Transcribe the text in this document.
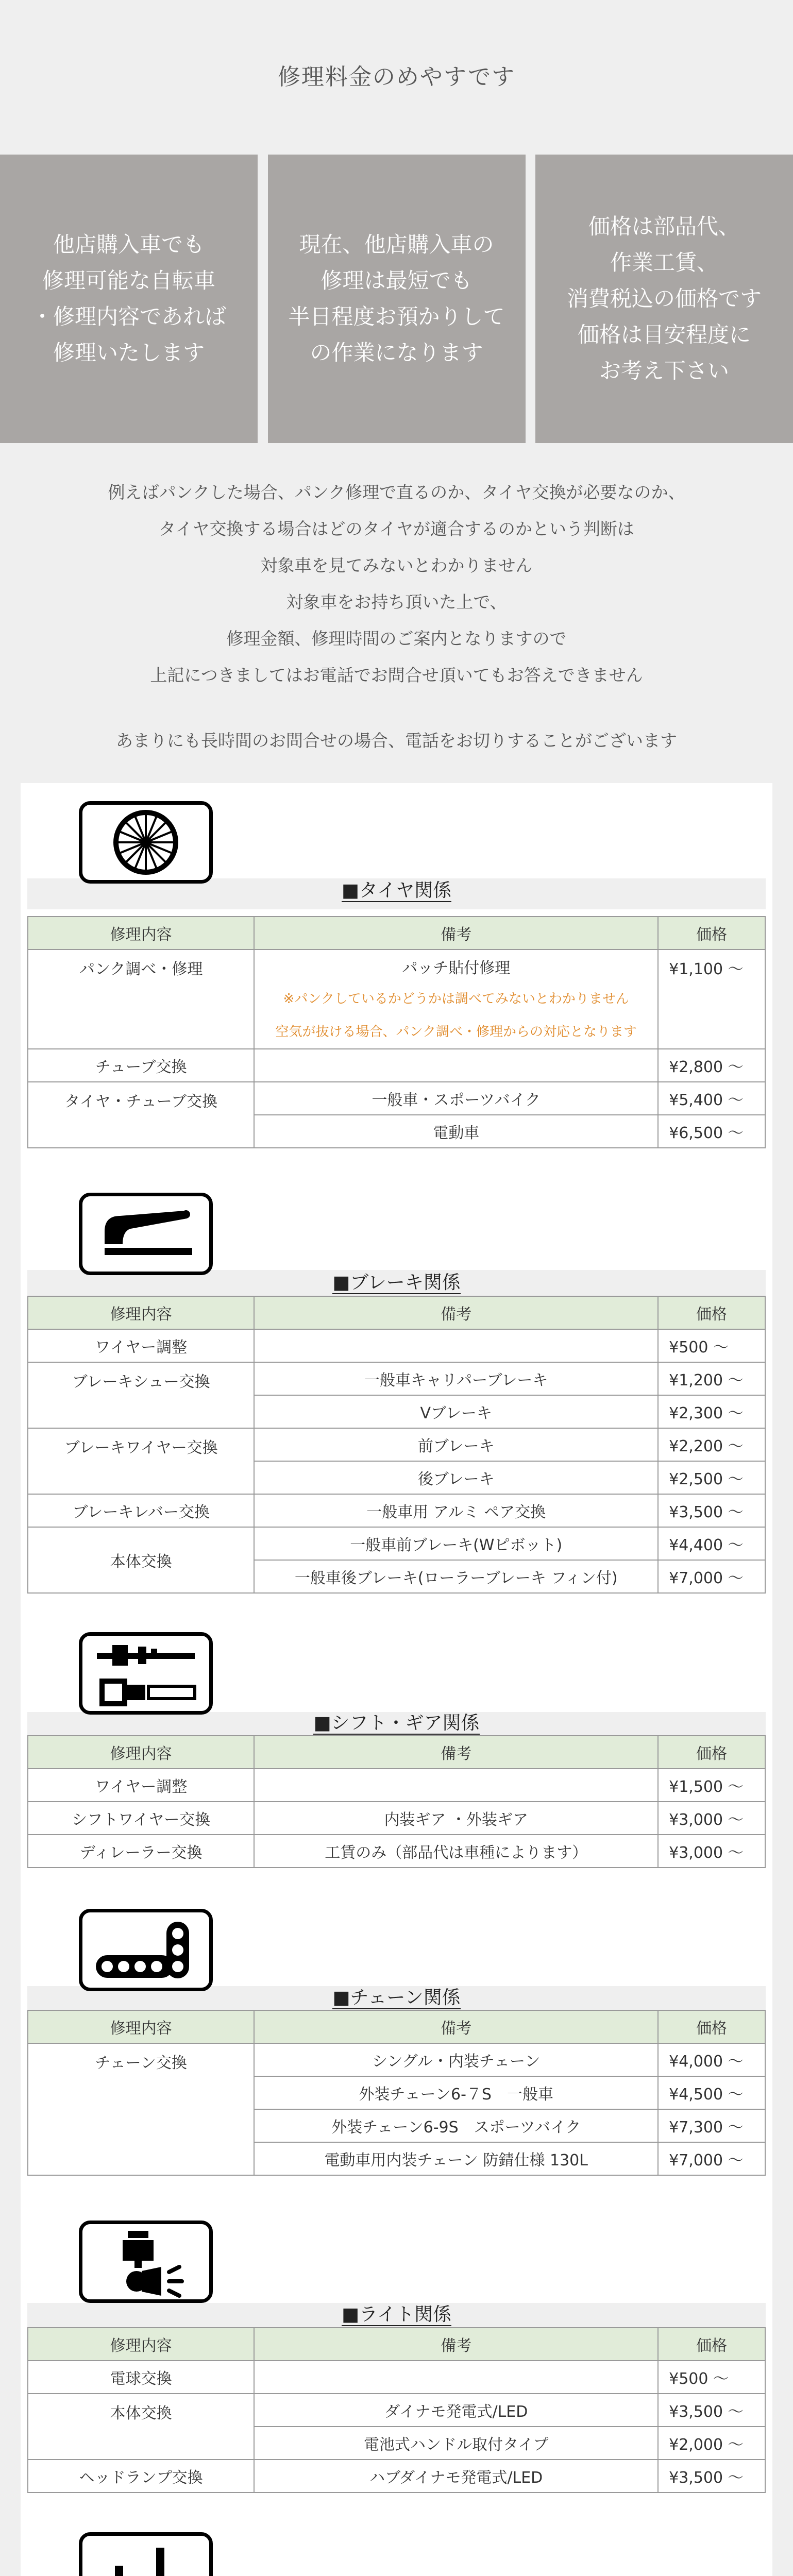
修理料金のめやすです
他店購入車でも
修理可能な自転車
・修理内容であれば
修理いたします
現在、他店購入車の
修理は最短でも
半日程度お預かりして
の作業になります
価格は部品代、
作業工賃、
消費税込の価格です
価格は目安程度に
お考え下さい
例えばパンクした場合、パンク修理で直るのか、タイヤ交換が必要なのか、
タイヤ交換する場合はどのタイヤが適合するのかという判断は
対象車を見てみないとわかりません
対象車をお持ち頂いた上で、
修理金額、修理時間のご案内となりますので
上記につきましてはお電話でお問合せ頂いてもお答えできません
あまりにも長時間のお問合せの場合、電話をお切りすることがございます
■タイヤ関係
修理内容	備考	価格
パンク調べ・修理	パッチ貼付修理	¥1,100 ～

	※パンクしているかどうかは調べてみないとわかりません
空気が抜ける場合、パンク調べ・修理からの対応となります	

チューブ交換		¥2,800 ～
タイヤ・チューブ交換	一般車・スポーツバイク	¥5,400 ～
	電動車	¥6,500 ～
■ブレーキ関係
修理内容	備考	価格
ワイヤー調整		¥500 ～
ブレーキシュー交換	一般車キャリパーブレーキ	¥1,200 ～
	Vブレーキ	¥2,300 ～
ブレーキワイヤー交換	前ブレーキ	¥2,200 ～
	後ブレーキ	¥2,500 ～
ブレーキレバー交換	一般車用 アルミ ペア交換	¥3,500 ～
本体交換	一般車前ブレーキ(Wピボット)	¥4,400 ～
	一般車後ブレーキ(ローラーブレーキ フィン付)	¥7,000 ～
■シフト・ギア関係
修理内容	備考	価格
ワイヤー調整		¥1,500 ～
シフトワイヤー交換	内装ギア ・外装ギア	¥3,000 ～
ディレーラー交換	工賃のみ（部品代は車種によります）	¥3,000 ～
■チェーン関係
修理内容	備考	価格
チェーン交換	シングル・内装チェーン	¥4,000 ～
	外装チェーン6-７S　一般車	¥4,500 ～
	外装チェーン6-9S　スポーツバイク	¥7,300 ～
	電動車用内装チェーン 防錆仕様 130L	¥7,000 ～
■ライト関係
修理内容	備考	価格
電球交換		¥500 ～
本体交換	ダイナモ発電式/LED	¥3,500 ～
	電池式ハンドル取付タイプ	¥2,000 ～
ヘッドランプ交換	ハブダイナモ発電式/LED	¥3,500 ～
